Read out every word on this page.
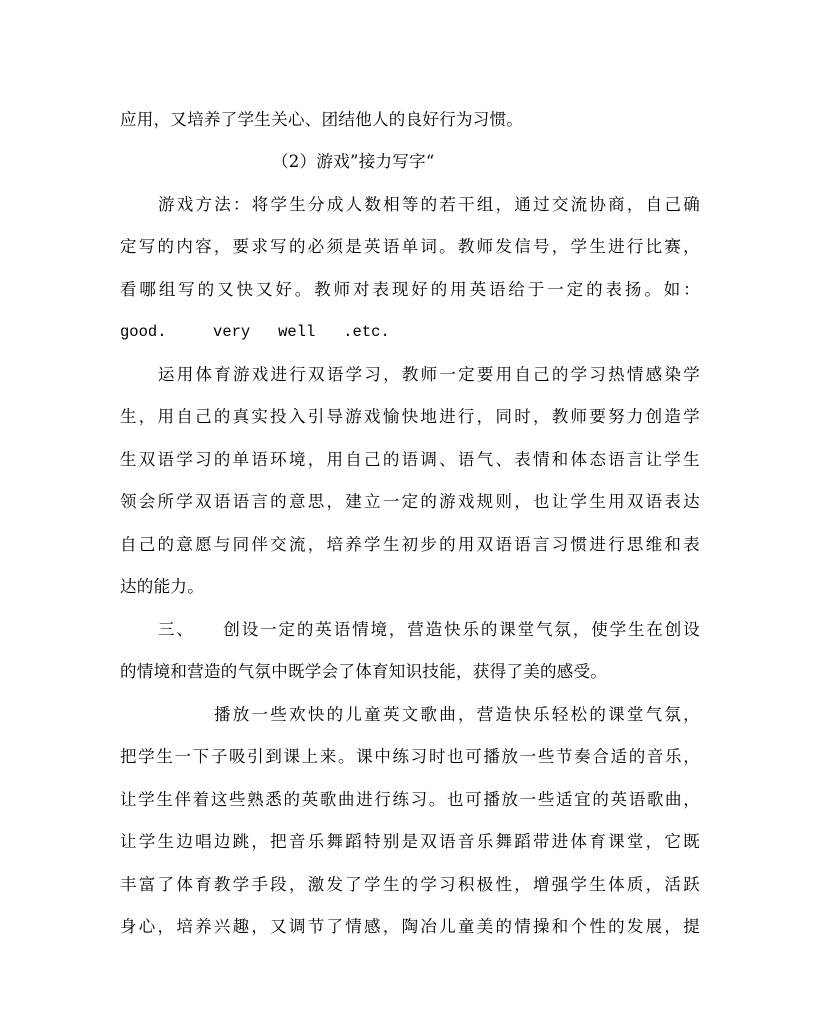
应用，又培养了学生关心、团结他人的良好行为习惯。
（2）游戏”接力写字“
游戏方法：将学生分成人数相等的若干组，通过交流协商，自己确
定写的内容，要求写的必须是英语单词。教师发信号，学生进行比赛，
看哪组写的又快又好。教师对表现好的用英语给于一定的表扬。如：
good.     very   well   .etc.
运用体育游戏进行双语学习，教师一定要用自己的学习热情感染学
生，用自己的真实投入引导游戏愉快地进行，同时，教师要努力创造学
生双语学习的单语环境，用自己的语调、语气、表情和体态语言让学生
领会所学双语语言的意思，建立一定的游戏规则，也让学生用双语表达
自己的意愿与同伴交流，培养学生初步的用双语语言习惯进行思维和表
达的能力。
三、    创设一定的英语情境，营造快乐的课堂气氛，使学生在创设
的情境和营造的气氛中既学会了体育知识技能，获得了美的感受。
播放一些欢快的儿童英文歌曲，营造快乐轻松的课堂气氛，
把学生一下子吸引到课上来。课中练习时也可播放一些节奏合适的音乐，
让学生伴着这些熟悉的英歌曲进行练习。也可播放一些适宜的英语歌曲，
让学生边唱边跳，把音乐舞蹈特别是双语音乐舞蹈带进体育课堂，它既
丰富了体育教学手段，激发了学生的学习积极性，增强学生体质，活跃
身心，培养兴趣，又调节了情感，陶冶儿童美的情操和个性的发展，提
